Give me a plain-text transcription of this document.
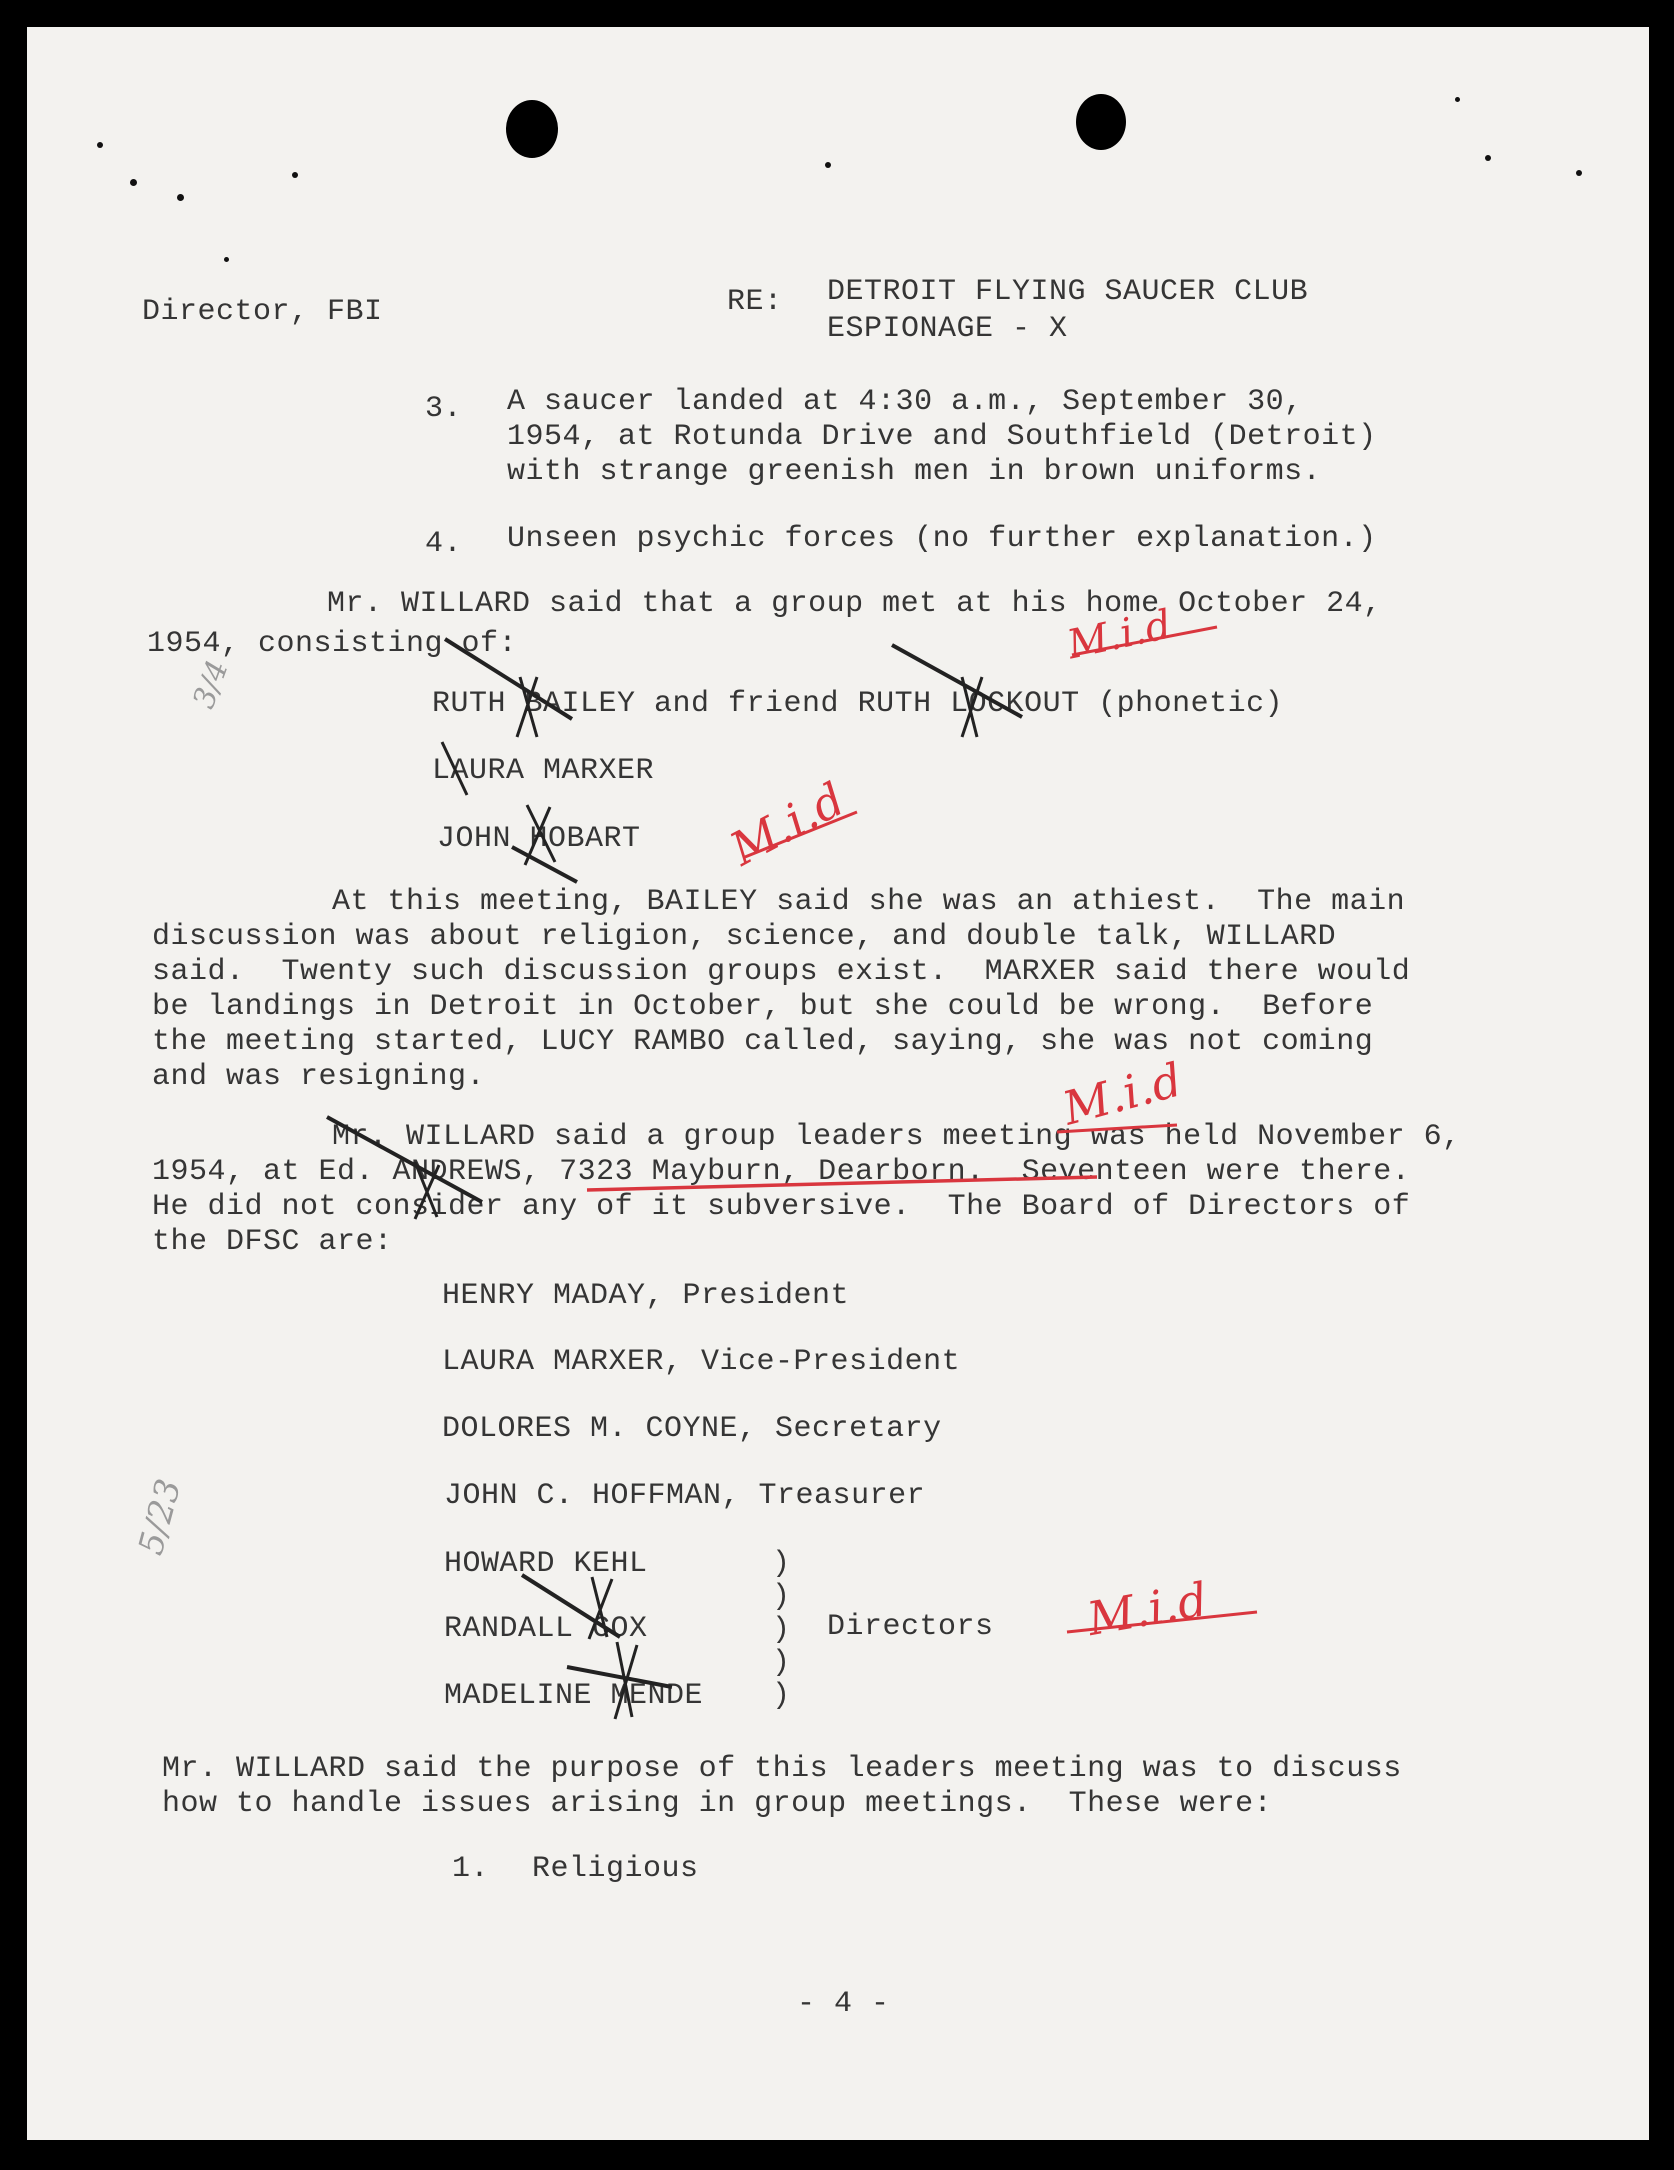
Director, FBI	RE: DETROIT FLYING SAUCER CLUB
ESPIONAGE - X
3. A saucer landed at 4:30 a.m., September 30,
1954, at Rotunda Drive and Southfield (Detroit)
with strange greenish men in brown uniforms.
4. Unseen psychic forces (no further explanation.)
Mr. WILLARD said that a group met at his home October 24,
1954, consisting of:
RUTH BAILEY and friend RUTH LOCKOUT (phonetic)
LAURA MARXER
JOHN HOBART
At this meeting, BAILEY said she was an athiest.  The main
discussion was about religion, science, and double talk, WILLARD
said.  Twenty such discussion groups exist.  MARXER said there would
be landings in Detroit in October, but she could be wrong.  Before
the meeting started, LUCY RAMBO called, saying, she was not coming
and was resigning.
Mr. WILLARD said a group leaders meeting was held November 6,
1954, at Ed. ANDREWS, 7323 Mayburn, Dearborn.  Seventeen were there.
He did not consider any of it subversive.  The Board of Directors of
the DFSC are:
HENRY MADAY, President
LAURA MARXER, Vice-President
DOLORES M. COYNE, Secretary
JOHN C. HOFFMAN, Treasurer
HOWARD KEHL
RANDALL COX
MADELINE MENDE
)
)
)
)
)
Directors
Mr. WILLARD said the purpose of this leaders meeting was to discuss
how to handle issues arising in group meetings.  These were:
1. Religious
- 4 -
M.i.d
M.i.d
M.i.d
M.i.d
3/4
5/23
